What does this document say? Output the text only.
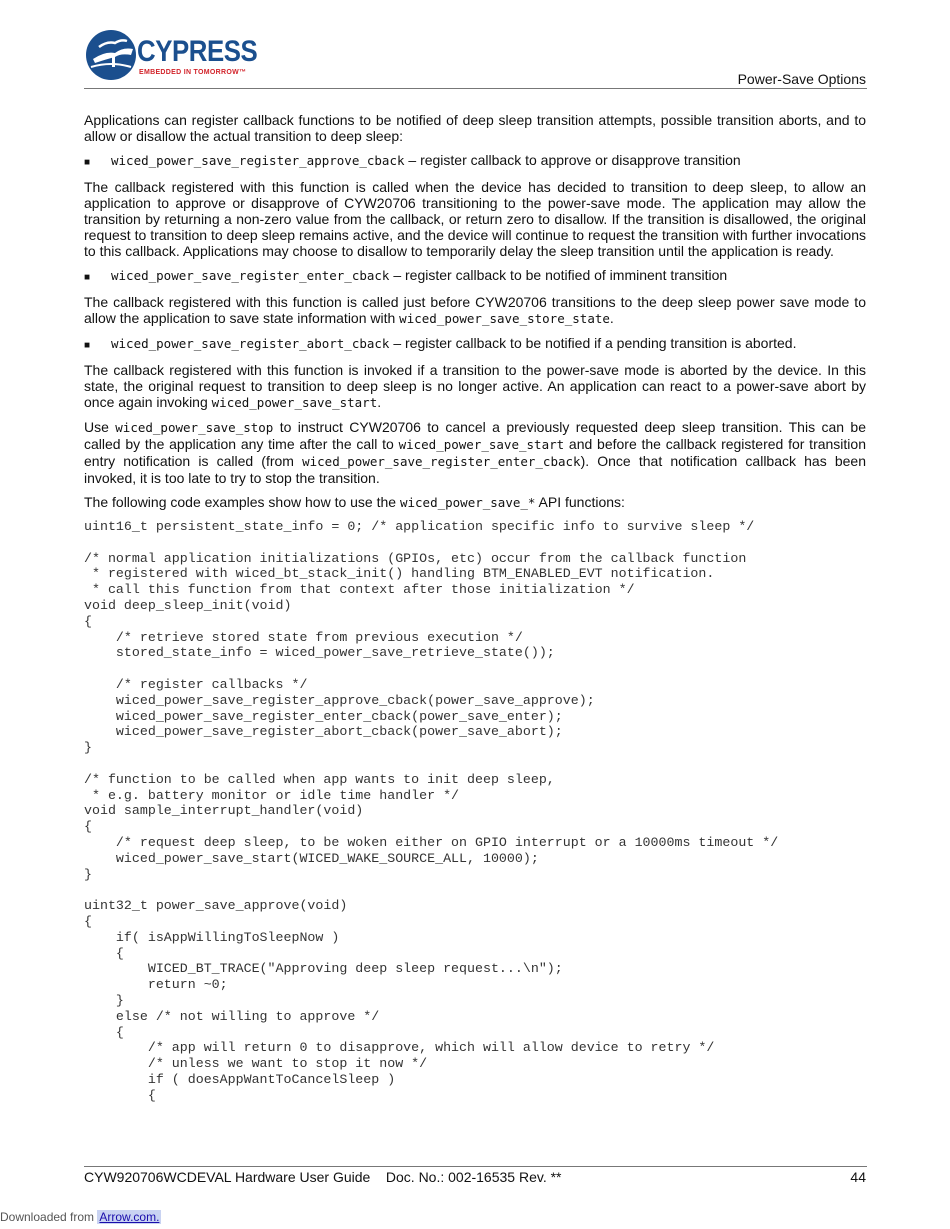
CYPRESS
EMBEDDED IN TOMORROW™	Power-Save Options

Applications can register callback functions to be notified of deep sleep transition attempts, possible transition aborts, and to allow or disallow the actual transition to deep sleep:

■	wiced_power_save_register_approve_cback – register callback to approve or disapprove transition

The callback registered with this function is called when the device has decided to transition to deep sleep, to allow an application to approve or disapprove of CYW20706 transitioning to the power-save mode. The application may allow the transition by returning a non-zero value from the callback, or return zero to disallow. If the transition is disallowed, the original request to transition to deep sleep remains active, and the device will continue to request the transition with further invocations to this callback. Applications may choose to disallow to temporarily delay the sleep transition until the application is ready.

■	wiced_power_save_register_enter_cback – register callback to be notified of imminent transition

The callback registered with this function is called just before CYW20706 transitions to the deep sleep power save mode to allow the application to save state information with wiced_power_save_store_state.

■	wiced_power_save_register_abort_cback – register callback to be notified if a pending transition is aborted.

The callback registered with this function is invoked if a transition to the power-save mode is aborted by the device. In this state, the original request to transition to deep sleep is no longer active. An application can react to a power-save abort by once again invoking wiced_power_save_start.

Use wiced_power_save_stop to instruct CYW20706 to cancel a previously requested deep sleep transition. This can be called by the application any time after the call to wiced_power_save_start and before the callback registered for transition entry notification is called (from wiced_power_save_register_enter_cback). Once that notification callback has been invoked, it is too late to try to stop the transition.

The following code examples show how to use the wiced_power_save_* API functions:

uint16_t persistent_state_info = 0; /* application specific info to survive sleep */

/* normal application initializations (GPIOs, etc) occur from the callback function
* registered with wiced_bt_stack_init() handling BTM_ENABLED_EVT notification.
* call this function from that context after those initialization */
void deep_sleep_init(void)
{
/* retrieve stored state from previous execution */
stored_state_info = wiced_power_save_retrieve_state());

/* register callbacks */
wiced_power_save_register_approve_cback(power_save_approve);
wiced_power_save_register_enter_cback(power_save_enter);
wiced_power_save_register_abort_cback(power_save_abort);
}

/* function to be called when app wants to init deep sleep,
* e.g. battery monitor or idle time handler */
void sample_interrupt_handler(void)
{
/* request deep sleep, to be woken either on GPIO interrupt or a 10000ms timeout */
wiced_power_save_start(WICED_WAKE_SOURCE_ALL, 10000);
}

uint32_t power_save_approve(void)
{
if( isAppWillingToSleepNow )
{
WICED_BT_TRACE("Approving deep sleep request...\n");
return ~0;
}
else /* not willing to approve */
{
/* app will return 0 to disapprove, which will allow device to retry */
/* unless we want to stop it now */
if ( doesAppWantToCancelSleep )
{
CYW920706WCDEVAL Hardware User Guide    Doc. No.: 002-16535 Rev. **	44
Downloaded from Arrow.com.
